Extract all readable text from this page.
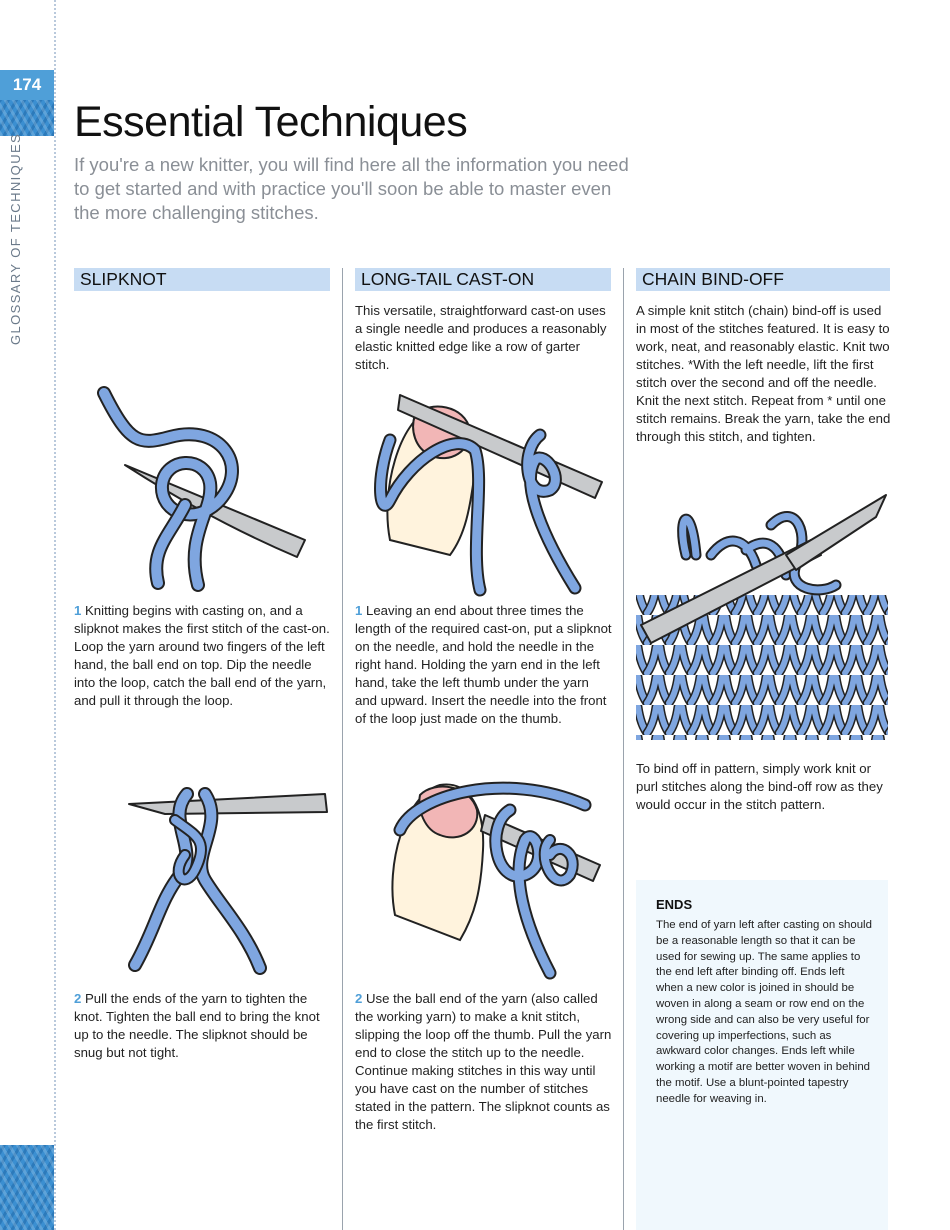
174
GLOSSARY OF TECHNIQUES
Essential Techniques

If you're a new knitter, you will find here all the information you need to get started and with practice you'll soon be able to master even the more challenging stitches.

SLIPKNOT

1 Knitting begins with casting on, and a slipknot makes the first stitch of the cast-on. Loop the yarn around two fingers of the left hand, the ball end on top. Dip the needle into the loop, catch the ball end of the yarn, and pull it through the loop.

2 Pull the ends of the yarn to tighten the knot. Tighten the ball end to bring the knot up to the needle. The slipknot should be snug but not tight.

LONG-TAIL CAST-ON

This versatile, straightforward cast-on uses a single needle and produces a reasonably elastic knitted edge like a row of garter stitch.

1 Leaving an end about three times the length of the required cast-on, put a slipknot on the needle, and hold the needle in the right hand. Holding the yarn end in the left hand, take the left thumb under the yarn and upward. Insert the needle into the front of the loop just made on the thumb.

2 Use the ball end of the yarn (also called the working yarn) to make a knit stitch, slipping the loop off the thumb. Pull the yarn end to close the stitch up to the needle. Continue making stitches in this way until you have cast on the number of stitches stated in the pattern. The slipknot counts as the first stitch.

CHAIN BIND-OFF

A simple knit stitch (chain) bind-off is used in most of the stitches featured. It is easy to work, neat, and reasonably elastic. Knit two stitches. *With the left needle, lift the first stitch over the second and off the needle. Knit the next stitch. Repeat from * until one stitch remains. Break the yarn, take the end through this stitch, and tighten.

To bind off in pattern, simply work knit or purl stitches along the bind-off row as they would occur in the stitch pattern.

ENDS

The end of yarn left after casting on should be a reasonable length so that it can be used for sewing up. The same applies to the end left after binding off. Ends left when a new color is joined in should be woven in along a seam or row end on the wrong side and can also be very useful for covering up imperfections, such as awkward color changes. Ends left while working a motif are better woven in behind the motif. Use a blunt-pointed tapestry needle for weaving in.
